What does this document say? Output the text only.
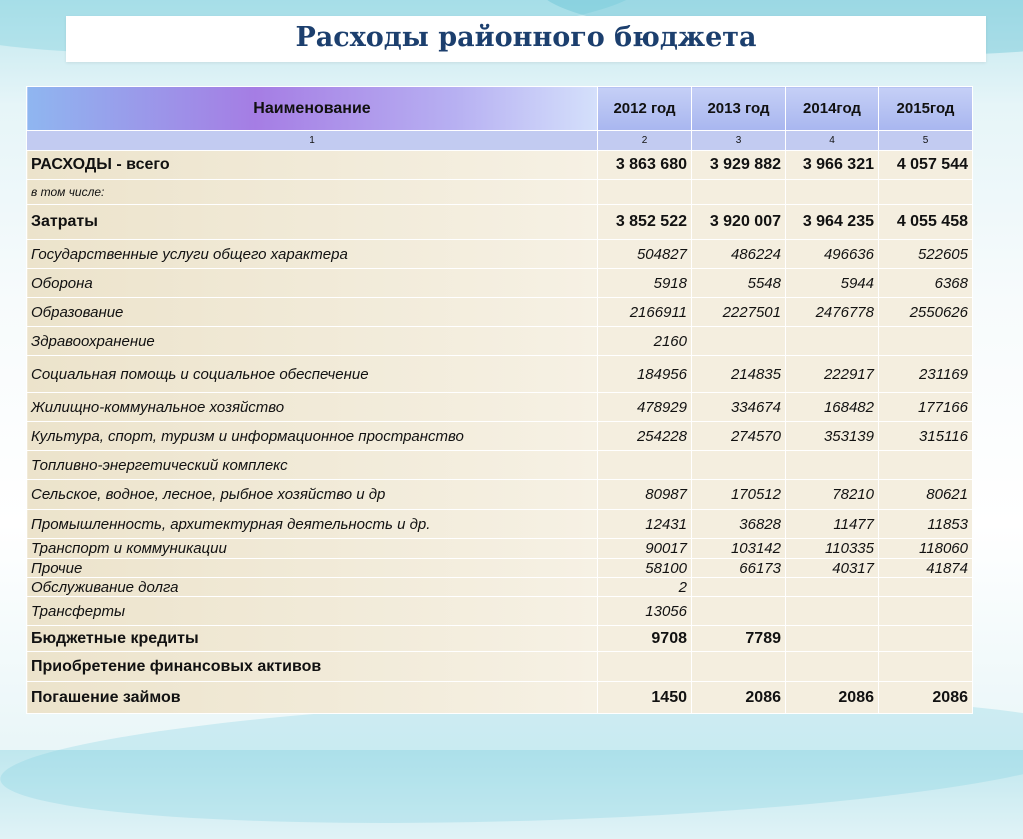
Расходы районного бюджета
Наименование	2012 год	2013 год	2014год	2015год
1	2	3	4	5
РАСХОДЫ - всего	3 863 680	3 929 882	3 966 321	4 057 544
в том числе:				
Затраты	3 852 522	3 920 007	3 964 235	4 055 458
Государственные услуги общего характера	504827	486224	496636	522605
Оборона	5918	5548	5944	6368
Образование	2166911	2227501	2476778	2550626
Здравоохранение	2160			
Социальная помощь и социальное обеспечение	184956	214835	222917	231169
Жилищно-коммунальное хозяйство	478929	334674	168482	177166
Культура, спорт, туризм и информационное пространство	254228	274570	353139	315116
Топливно-энергетический комплекс				
Сельское, водное, лесное, рыбное хозяйство и др	80987	170512	78210	80621
Промышленность, архитектурная деятельность и др.	12431	36828	11477	11853
Транспорт и коммуникации	90017	103142	110335	118060
Прочие	58100	66173	40317	41874
Обслуживание долга	2			
Трансферты	13056			
Бюджетные кредиты	9708	7789		
Приобретение финансовых активов				
Погашение займов	1450	2086	2086	2086
